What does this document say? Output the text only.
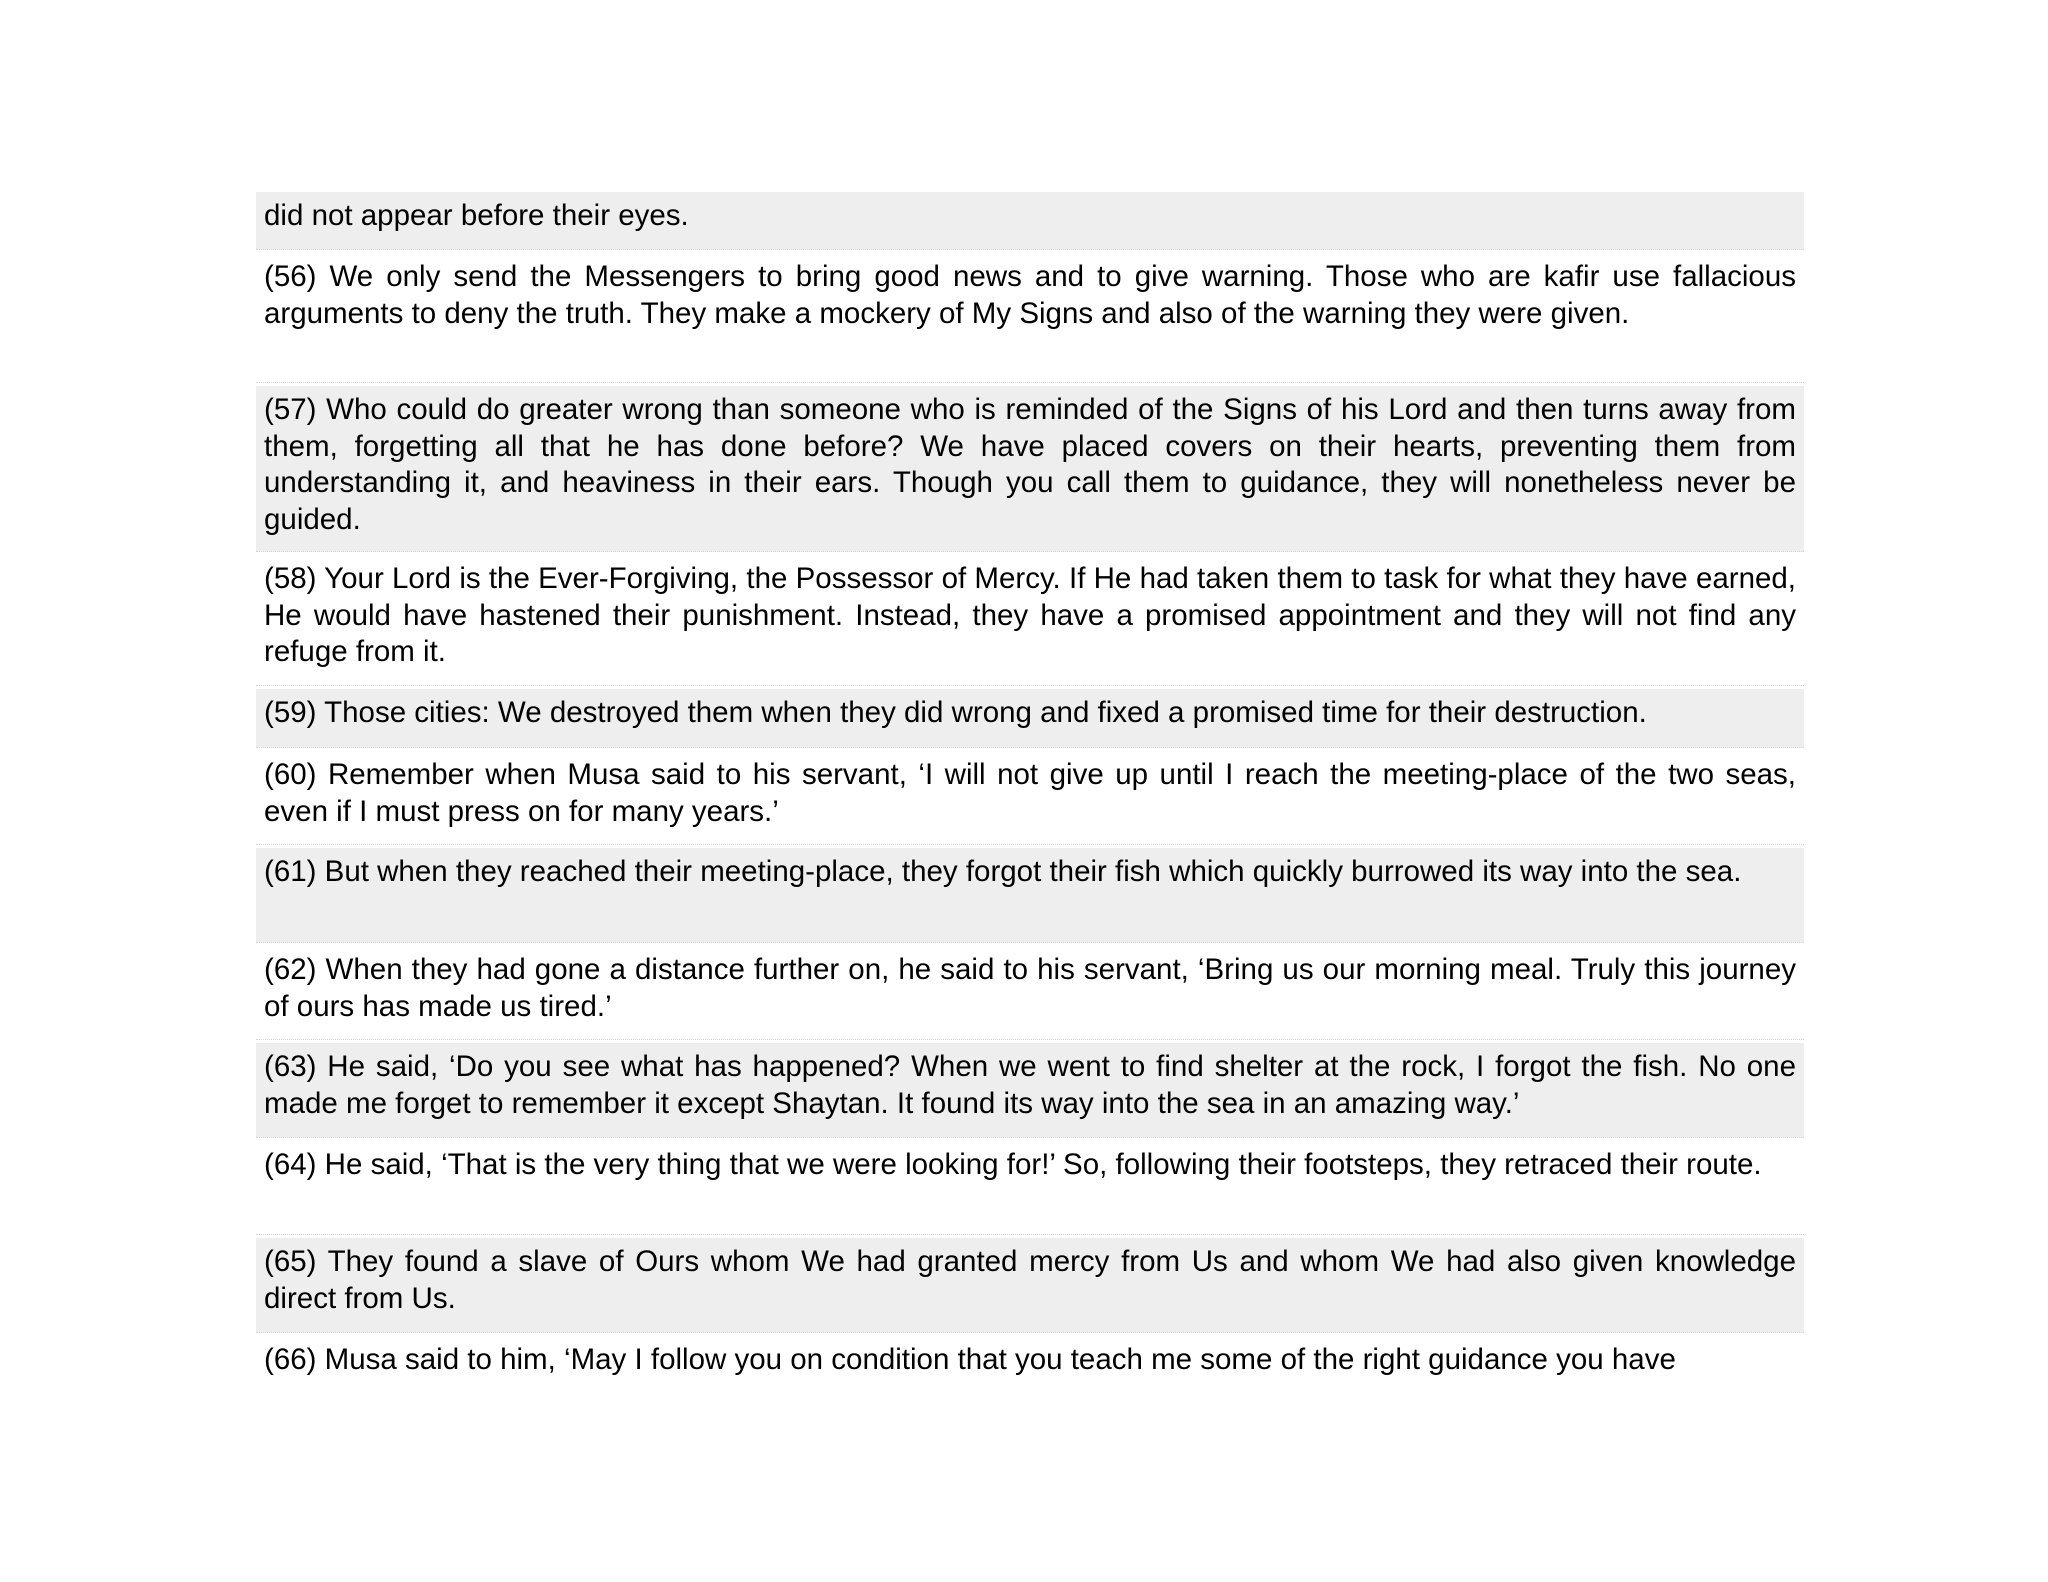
did not appear before their eyes.
(56) We only send the Messengers to bring good news and to give warning. Those who are kafir use fallacious arguments to deny the truth. They make a mockery of My Signs and also of the warning they were given.
(57) Who could do greater wrong than someone who is reminded of the Signs of his Lord and then turns away from them, forgetting all that he has done before? We have placed covers on their hearts, preventing them from understanding it, and heaviness in their ears. Though you call them to guidance, they will nonetheless never be guided.
(58) Your Lord is the Ever-Forgiving, the Possessor of Mercy. If He had taken them to task for what they have earned, He would have hastened their punishment. Instead, they have a promised appointment and they will not find any refuge from it.
(59) Those cities: We destroyed them when they did wrong and fixed a promised time for their destruction.
(60) Remember when Musa said to his servant, ‘I will not give up until I reach the meeting-place of the two seas, even if I must press on for many years.’
(61) But when they reached their meeting-place, they forgot their fish which quickly burrowed its way into the sea.
(62) When they had gone a distance further on, he said to his servant, ‘Bring us our morning meal. Truly this journey of ours has made us tired.’
(63) He said, ‘Do you see what has happened? When we went to find shelter at the rock, I forgot the fish. No one made me forget to remember it except Shaytan. It found its way into the sea in an amazing way.’
(64) He said, ‘That is the very thing that we were looking for!’ So, following their footsteps, they retraced their route.
(65) They found a slave of Ours whom We had granted mercy from Us and whom We had also given knowledge direct from Us.
(66) Musa said to him, ‘May I follow you on condition that you teach me some of the right guidance you have
